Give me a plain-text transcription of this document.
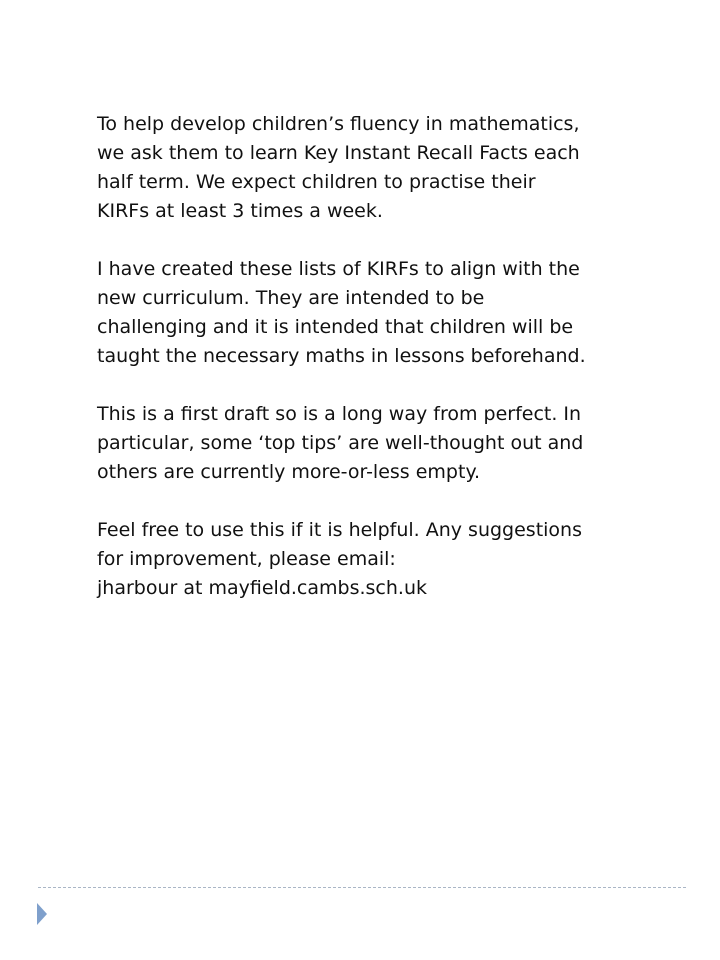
To help develop children’s fluency in mathematics,
we ask them to learn Key Instant Recall Facts each
half term. We expect children to practise their
KIRFs at least 3 times a week.

I have created these lists of KIRFs to align with the
new curriculum. They are intended to be
challenging and it is intended that children will be
taught the necessary maths in lessons beforehand.

This is a first draft so is a long way from perfect. In
particular, some ‘top tips’ are well-thought out and
others are currently more-or-less empty.

Feel free to use this if it is helpful. Any suggestions
for improvement, please email:
jharbour at mayfield.cambs.sch.uk
